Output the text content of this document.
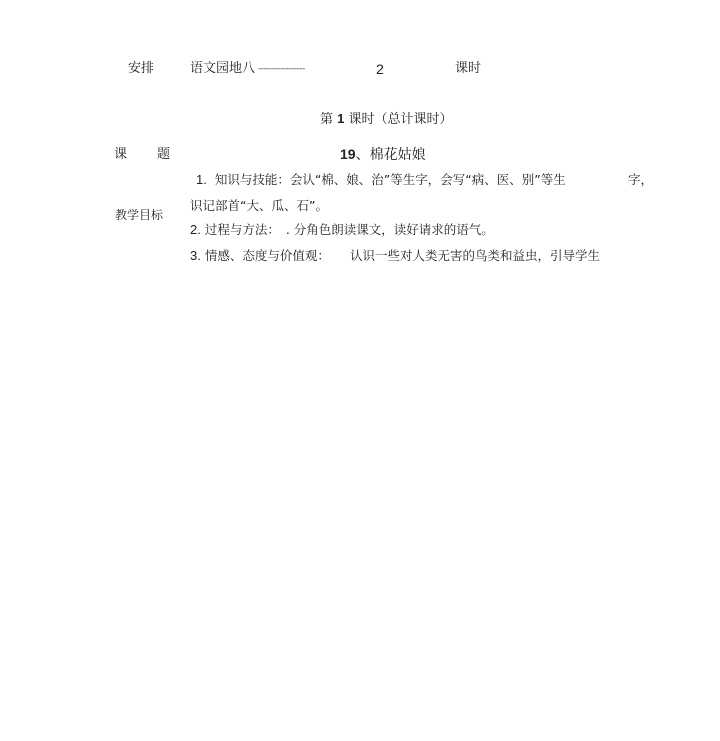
安排	语文园地八 -----------------	2	课时
第 1 课时（总计课时）
课 题	19、棉花姑娘
教学目标
1. 知识与技能：会认“棉、娘、治”等生字，会写“病、医、别”等生	字，
识记部首“大、瓜、石”。
2. 过程与方法： . 分角色朗读课文，读好请求的语气。
3. 情感、态度与价值观： 认识一些对人类无害的鸟类和益虫，引导学生
